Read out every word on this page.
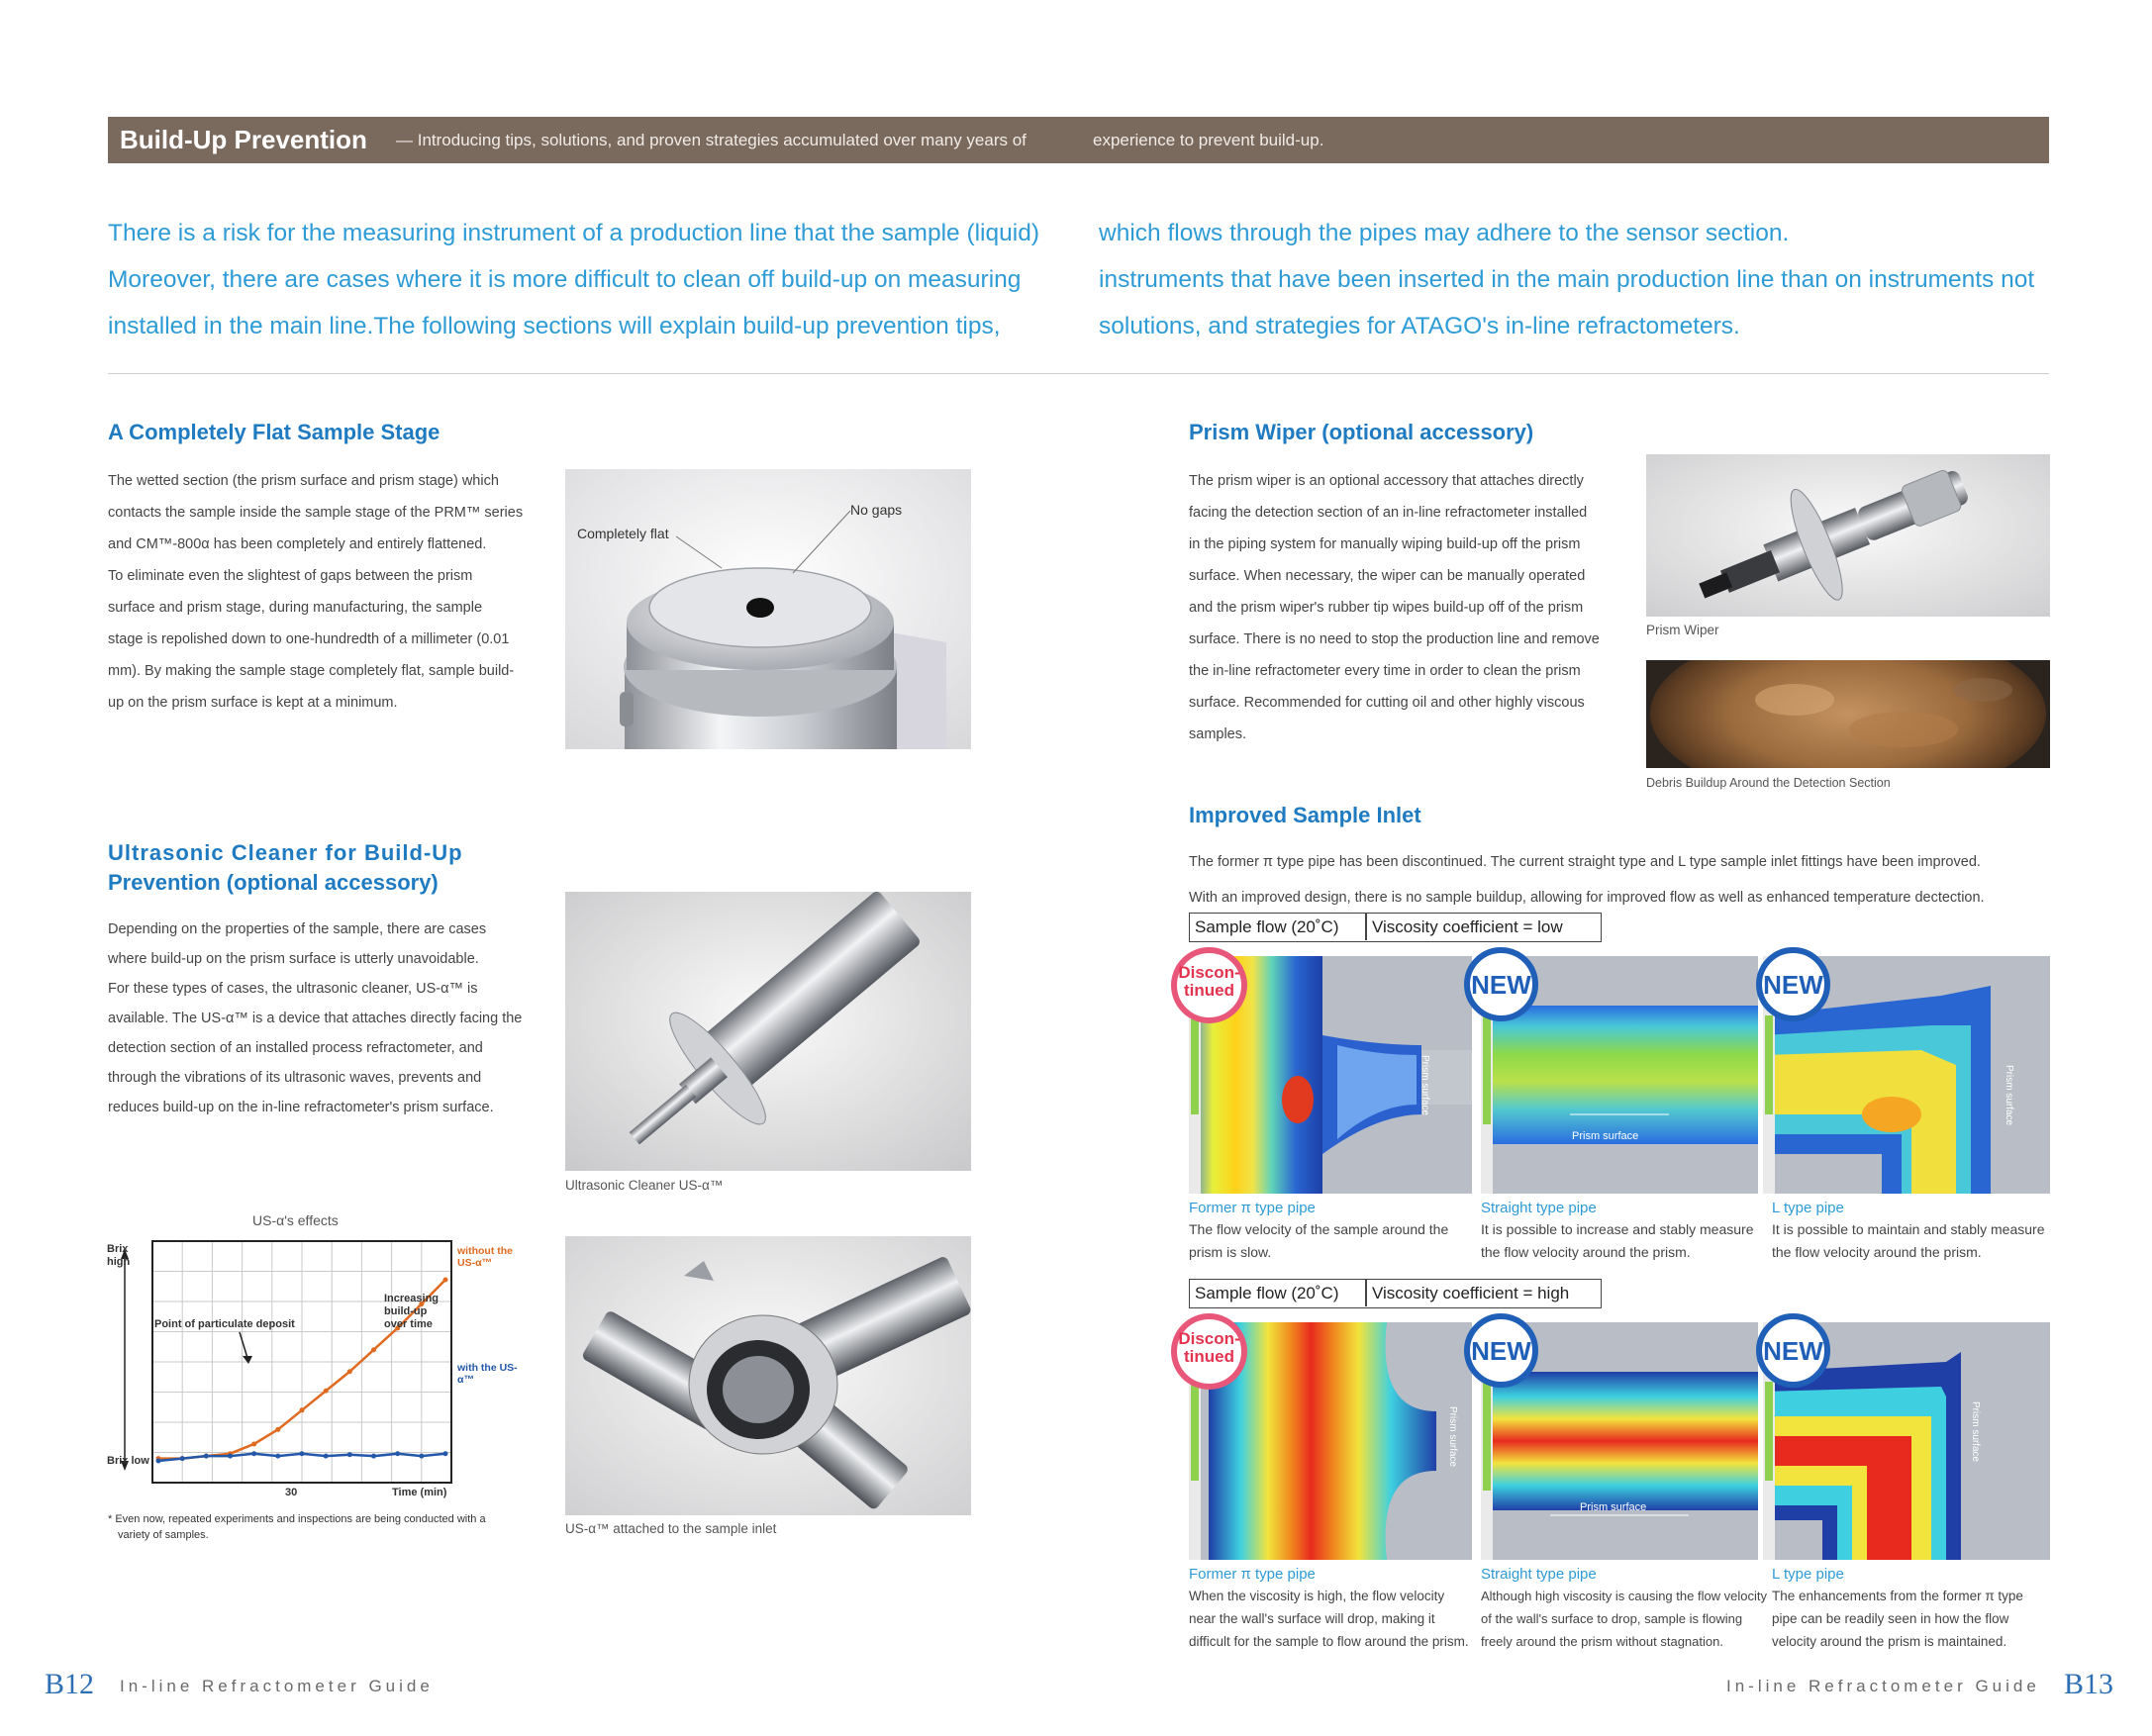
Build-Up Prevention — Introducing tips, solutions, and proven strategies accumulated over many years of	experience to prevent build-up.
There is a risk for the measuring instrument of a production line that the sample (liquid)
Moreover, there are cases where it is more difficult to clean off build-up on measuring
installed in the main line.The following sections will explain build-up prevention tips,
which flows through the pipes may adhere to the sensor section.
instruments that have been inserted in the main production line than on instruments not
solutions, and strategies for ATAGO's in-line refractometers.
A Completely Flat Sample Stage
The wetted section (the prism surface and prism stage) which
contacts the sample inside the sample stage of the PRM™ series
and CM™-800α has been completely and entirely flattened.
To eliminate even the slightest of gaps between the prism
surface and prism stage, during manufacturing, the sample
stage is repolished down to one-hundredth of a millimeter (0.01
mm). By making the sample stage completely flat, sample build-
up on the prism surface is kept at a minimum.
Completely flat
No gaps
Ultrasonic Cleaner for Build-Up
Prevention (optional accessory)
Depending on the properties of the sample, there are cases
where build-up on the prism surface is utterly unavoidable.
For these types of cases, the ultrasonic cleaner, US-α™ is
available. The US-α™ is a device that attaches directly facing the
detection section of an installed process refractometer, and
through the vibrations of its ultrasonic waves, prevents and
reduces build-up on the in-line refractometer's prism surface.
Ultrasonic Cleaner US-α™
US-α™ attached to the sample inlet
US-α's effects
Brix high
Brix low
Point of particulate deposit
Increasing
build-up
over time
without the US-α™
with the US-α™
30	Time (min)
* Even now, repeated experiments and inspections are being conducted with a
variety of samples.
Prism Wiper (optional accessory)
The prism wiper is an optional accessory that attaches directly
facing the detection section of an in-line refractometer installed
in the piping system for manually wiping build-up off the prism
surface. When necessary, the wiper can be manually operated
and the prism wiper's rubber tip wipes build-up off of the prism
surface. There is no need to stop the production line and remove
the in-line refractometer every time in order to clean the prism
surface. Recommended for cutting oil and other highly viscous
samples.
Prism Wiper
Debris Buildup Around the Detection Section
Improved Sample Inlet
The former π type pipe has been discontinued. The current straight type and L type sample inlet fittings have been improved.
With an improved design, there is no sample buildup, allowing for improved flow as well as enhanced temperature dectection.
Sample flow (20˚C) Viscosity coefficient = low
Prism surface
Prism surface
Prism surface
Discon-
tinued	NEW	NEW
Former π type pipe
The flow velocity of the sample around the
prism is slow.
Straight type pipe
It is possible to increase and stably measure
the flow velocity around the prism.
L type pipe
It is possible to maintain and stably measure
the flow velocity around the prism.
Sample flow (20˚C) Viscosity coefficient = high
Prism surface
Prism surface
Prism surface
Discon-
tinued	NEW	NEW
Former π type pipe
When the viscosity is high, the flow velocity
near the wall's surface will drop, making it
difficult for the sample to flow around the prism.
Straight type pipe
Although high viscosity is causing the flow velocity
of the wall's surface to drop, sample is flowing
freely around the prism without stagnation.
L type pipe
The enhancements from the former π type
pipe can be readily seen in how the flow
velocity around the prism is maintained.
B12 In-line Refractometer Guide	In-line Refractometer Guide B13
